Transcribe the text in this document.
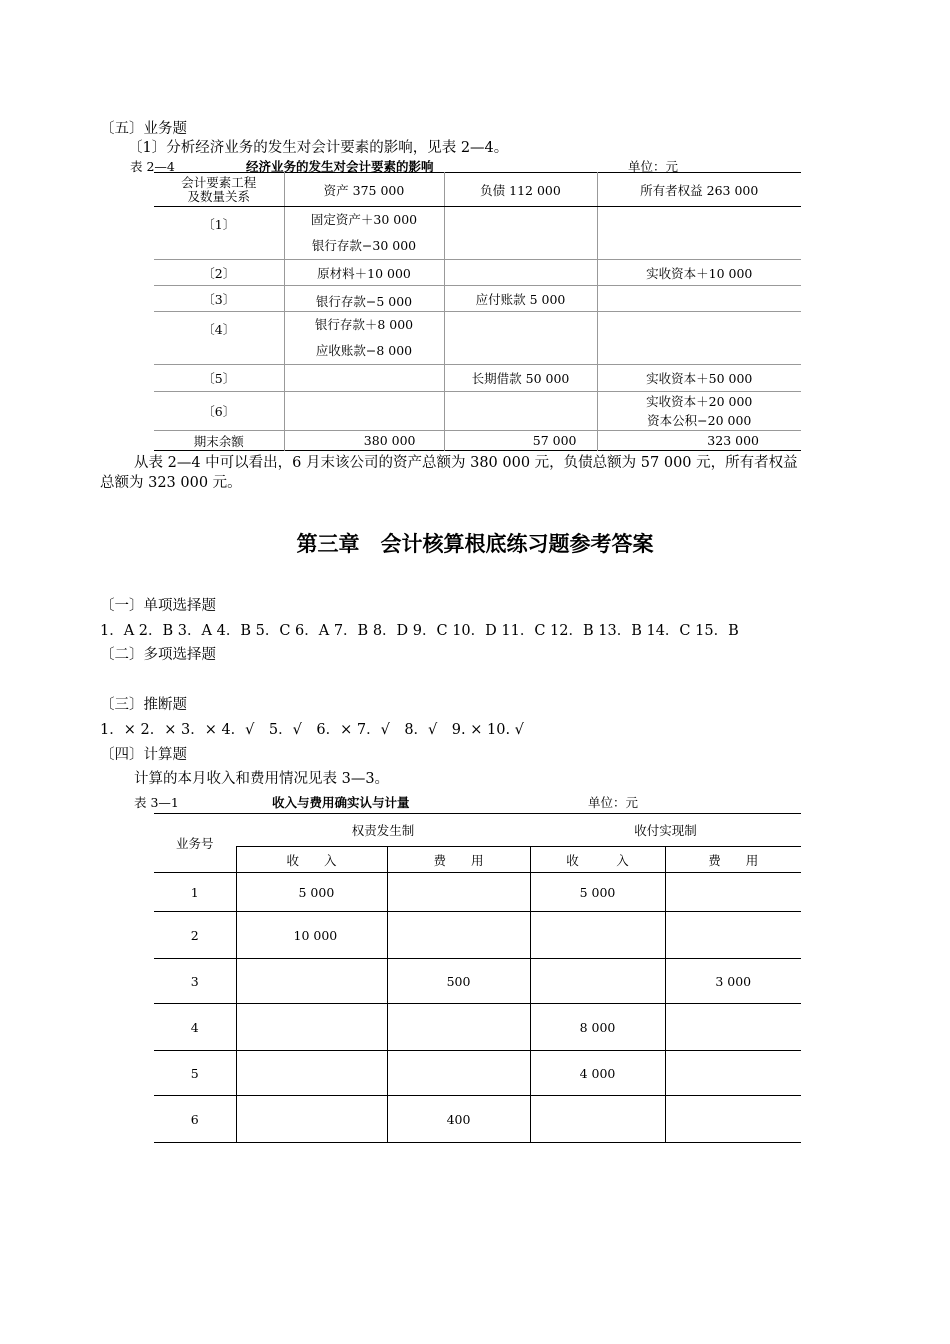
〔五〕业务题
〔1〕分析经济业务的发生对会计要素的影响，见表 2—4。
表 2—4	经济业务的发生对会计要素的影响	单位：元
会计要素工程
及数量关系	资产 375 000	负债 112 000	所有者权益 263 000
〔1〕	固定资产＋30 000
银行存款−30 000		

〔2〕	原材料＋10 000		实收资本＋10 000
〔3〕	银行存款−5 000	应付账款 5 000	
〔4〕	银行存款＋8 000
应收账款−8 000		

〔5〕		长期借款 50 000	实收资本＋50 000
〔6〕			实收资本＋20 000
资本公积−20 000

期末余额	380 000	57 000	323 000
从表 2—4 中可以看出，6 月末该公司的资产总额为 380 000 元，负债总额为 57 000 元，所有者权益
总额为 323 000 元。
第三章　会计核算根底练习题参考答案
〔一〕单项选择题
1．A 2．B 3．A 4．B 5．C 6．A 7．B 8．D 9．C 10．D 11．C 12．B 13．B 14．C 15．B
〔二〕多项选择题
〔三〕推断题
1．× 2．× 3．× 4．√　5．√　6．× 7．√　8．√　9. × 10. √
〔四〕计算题
计算的本月收入和费用情况见表 3—3。
表 3—1	收入与费用确实认与计量	单位：元
业务号	权责发生制		收付实现制	
	收　　入	费　　用	收　　　入	费　　用
1	5 000		5 000	
2	10 000			
3		500		3 000
4			8 000	
5			4 000	
6		400		
